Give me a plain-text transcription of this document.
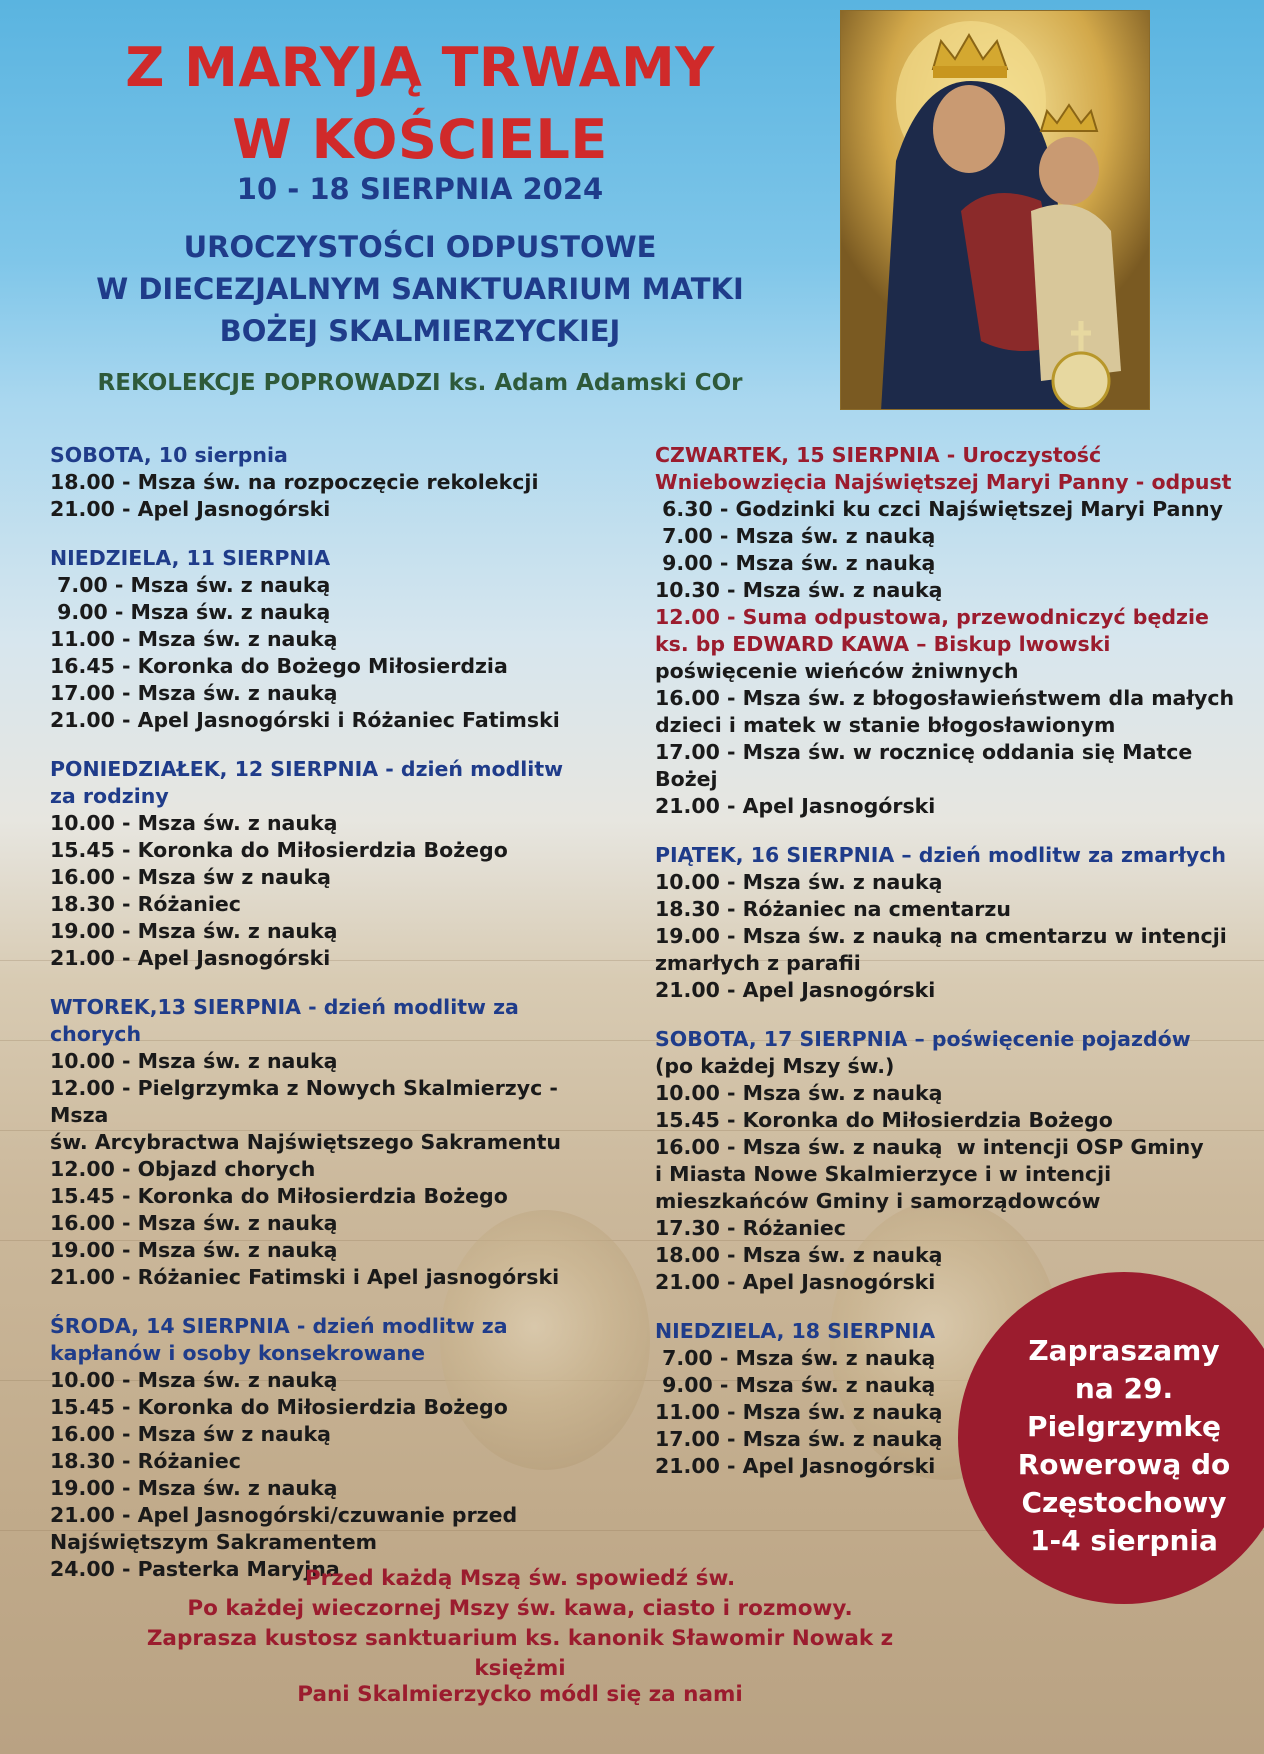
Z MARYJĄ TRWAMY
W KOŚCIELE
10 - 18 SIERPNIA 2024
UROCZYSTOŚCI ODPUSTOWE
W DIECEZJALNYM SANKTUARIUM MATKI
BOŻEJ SKALMIERZYCKIEJ
REKOLEKCJE POPROWADZI ks. Adam Adamski COr

SOBOTA, 10 sierpnia

18.00 - Msza św. na rozpoczęcie rekolekcji

21.00 - Apel Jasnogórski

NIEDZIELA, 11 SIERPNIA

7.00 - Msza św. z nauką

9.00 - Msza św. z nauką

11.00 - Msza św. z nauką

16.45 - Koronka do Bożego Miłosierdzia

17.00 - Msza św. z nauką

21.00 - Apel Jasnogórski i Różaniec Fatimski

PONIEDZIAŁEK, 12 SIERPNIA - dzień modlitw

za rodziny

10.00 - Msza św. z nauką

15.45 - Koronka do Miłosierdzia Bożego

16.00 - Msza św z nauką

18.30 - Różaniec

19.00 - Msza św. z nauką

21.00 - Apel Jasnogórski

WTOREK,13 SIERPNIA - dzień modlitw za chorych

10.00 - Msza św. z nauką

12.00 - Pielgrzymka z Nowych Skalmierzyc - Msza

św. Arcybractwa Najświętszego Sakramentu

12.00 - Objazd chorych

15.45 - Koronka do Miłosierdzia Bożego

16.00 - Msza św. z nauką

19.00 - Msza św. z nauką

21.00 - Różaniec Fatimski i Apel jasnogórski

ŚRODA, 14 SIERPNIA - dzień modlitw za

kapłanów i osoby konsekrowane

10.00 - Msza św. z nauką

15.45 - Koronka do Miłosierdzia Bożego

16.00 - Msza św z nauką

18.30 - Różaniec

19.00 - Msza św. z nauką

21.00 - Apel Jasnogórski/czuwanie przed

Najświętszym Sakramentem

24.00 - Pasterka Maryjna

CZWARTEK, 15 SIERPNIA - Uroczystość

Wniebowzięcia Najświętszej Maryi Panny - odpust

6.30 - Godzinki ku czci Najświętszej Maryi Panny

7.00 - Msza św. z nauką

9.00 - Msza św. z nauką

10.30 - Msza św. z nauką

12.00 - Suma odpustowa, przewodniczyć będzie

ks. bp EDWARD KAWA – Biskup lwowski

poświęcenie wieńców żniwnych

16.00 - Msza św. z błogosławieństwem dla małych

dzieci i matek w stanie błogosławionym

17.00 - Msza św. w rocznicę oddania się Matce

Bożej

21.00 - Apel Jasnogórski

PIĄTEK, 16 SIERPNIA – dzień modlitw za zmarłych

10.00 - Msza św. z nauką

18.30 - Różaniec na cmentarzu

19.00 - Msza św. z nauką na cmentarzu w intencji

zmarłych z parafii

21.00 - Apel Jasnogórski

SOBOTA, 17 SIERPNIA – poświęcenie pojazdów

(po każdej Mszy św.)

10.00 - Msza św. z nauką

15.45 - Koronka do Miłosierdzia Bożego

16.00 - Msza św. z nauką  w intencji OSP Gminy

i Miasta Nowe Skalmierzyce i w intencji

mieszkańców Gminy i samorządowców

17.30 - Różaniec

18.00 - Msza św. z nauką

21.00 - Apel Jasnogórski

NIEDZIELA, 18 SIERPNIA

7.00 - Msza św. z nauką

9.00 - Msza św. z nauką

11.00 - Msza św. z nauką

17.00 - Msza św. z nauką

21.00 - Apel Jasnogórski

Zapraszamy
na 29.
Pielgrzymkę
Rowerową do
Częstochowy
1-4 sierpnia
Przed każdą Mszą św. spowiedź św.
Po każdej wieczornej Mszy św. kawa, ciasto i rozmowy.
Zaprasza kustosz sanktuarium ks. kanonik Sławomir Nowak z księżmi
Pani Skalmierzycko módl się za nami
